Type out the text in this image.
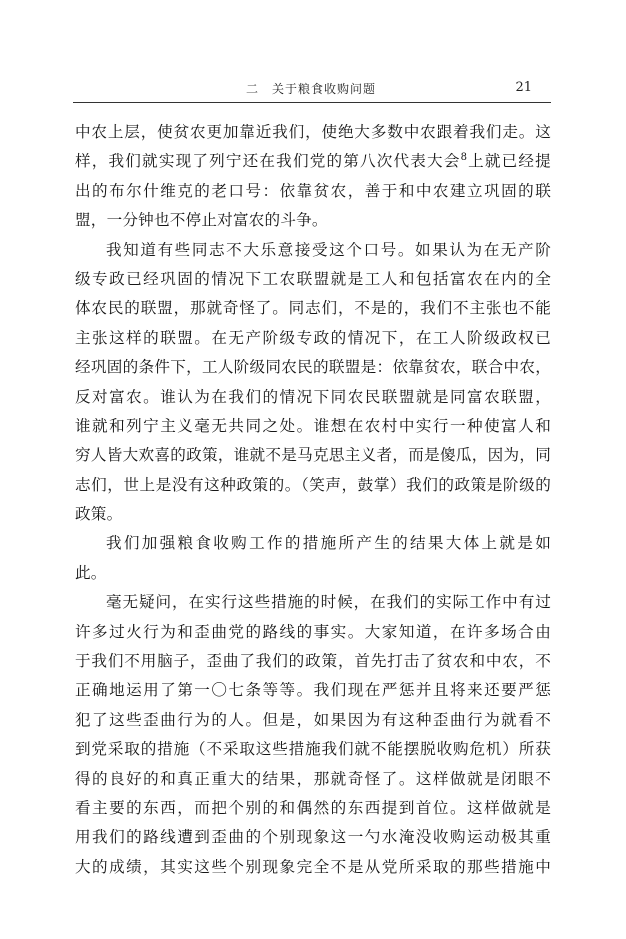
二　关于粮食收购问题	21
中农上层，使贫农更加靠近我们，使绝大多数中农跟着我们走。这
样，我们就实现了列宁还在我们党的第八次代表大会$^8$上就已经提
出的布尔什维克的老口号：依靠贫农，善于和中农建立巩固的联
盟，一分钟也不停止对富农的斗争。
我知道有些同志不大乐意接受这个口号。如果认为在无产阶
级专政已经巩固的情况下工农联盟就是工人和包括富农在内的全
体农民的联盟，那就奇怪了。同志们，不是的，我们不主张也不能
主张这样的联盟。在无产阶级专政的情况下，在工人阶级政权已
经巩固的条件下，工人阶级同农民的联盟是：依靠贫农，联合中农，
反对富农。谁认为在我们的情况下同农民联盟就是同富农联盟，
谁就和列宁主义毫无共同之处。谁想在农村中实行一种使富人和
穷人皆大欢喜的政策，谁就不是马克思主义者，而是傻瓜，因为，同
志们，世上是没有这种政策的。（笑声，鼓掌）我们的政策是阶级的
政策。
我们加强粮食收购工作的措施所产生的结果大体上就是如
此。
毫无疑问，在实行这些措施的时候，在我们的实际工作中有过
许多过火行为和歪曲党的路线的事实。大家知道，在许多场合由
于我们不用脑子，歪曲了我们的政策，首先打击了贫农和中农，不
正确地运用了第一〇七条等等。我们现在严惩并且将来还要严惩
犯了这些歪曲行为的人。但是，如果因为有这种歪曲行为就看不
到党采取的措施（不采取这些措施我们就不能摆脱收购危机）所获
得的良好的和真正重大的结果，那就奇怪了。这样做就是闭眼不
看主要的东西，而把个别的和偶然的东西提到首位。这样做就是
用我们的路线遭到歪曲的个别现象这一勺水淹没收购运动极其重
大的成绩，其实这些个别现象完全不是从党所采取的那些措施中
